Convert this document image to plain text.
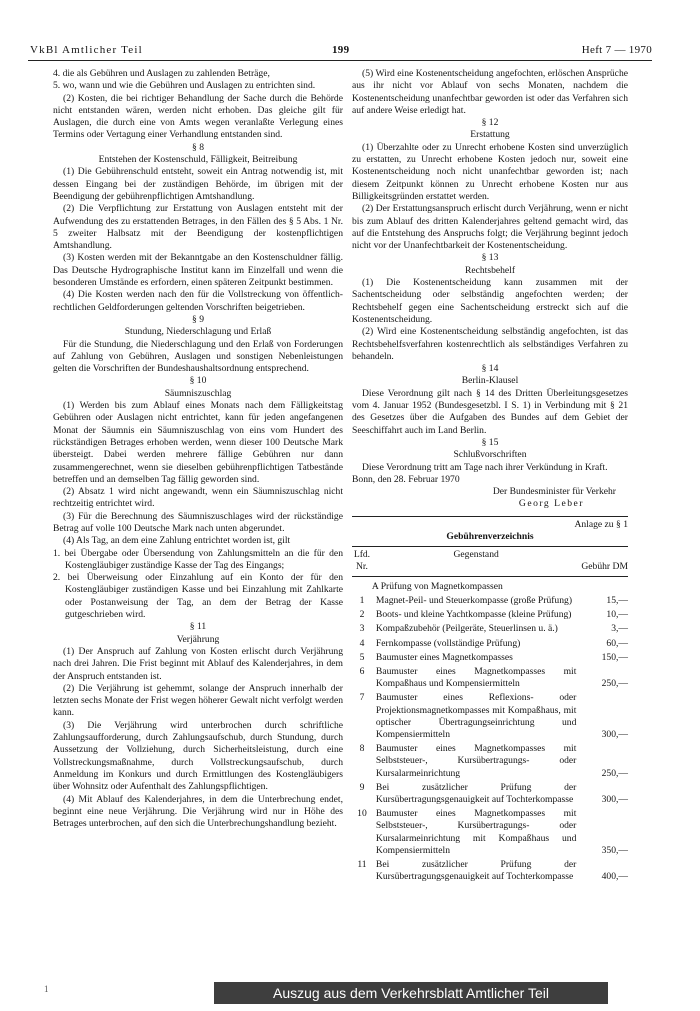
VkBl Amtlicher Teil	199	Heft 7 — 1970

4. die als Gebühren und Auslagen zu zahlenden Beträge,

5. wo, wann und wie die Gebühren und Auslagen zu entrichten sind.

(2) Kosten, die bei richtiger Behandlung der Sache durch die Behörde nicht entstanden wären, werden nicht erhoben. Das gleiche gilt für Auslagen, die durch eine von Amts wegen veranlaßte Verlegung eines Termins oder Vertagung einer Verhandlung entstanden sind.

§ 8

Entstehen der Kostenschuld, Fälligkeit, Beitreibung

(1) Die Gebührenschuld entsteht, soweit ein Antrag notwendig ist, mit dessen Eingang bei der zuständigen Behörde, im übrigen mit der Beendigung der gebührenpflichtigen Amtshandlung.

(2) Die Verpflichtung zur Erstattung von Auslagen entsteht mit der Aufwendung des zu erstattenden Betrages, in den Fällen des § 5 Abs. 1 Nr. 5 zweiter Halbsatz mit der Beendigung der kostenpflichtigen Amtshandlung.

(3) Kosten werden mit der Bekanntgabe an den Kostenschuldner fällig. Das Deutsche Hydrographische Institut kann im Einzelfall und wenn die besonderen Umstände es erfordern, einen späteren Zeitpunkt bestimmen.

(4) Die Kosten werden nach den für die Vollstreckung von öffentlich-rechtlichen Geldforderungen geltenden Vorschriften beigetrieben.

§ 9

Stundung, Niederschlagung und Erlaß

Für die Stundung, die Niederschlagung und den Erlaß von Forderungen auf Zahlung von Gebühren, Auslagen und sonstigen Nebenleistungen gelten die Vorschriften der Bundeshaushaltsordnung entsprechend.

§ 10

Säumniszuschlag

(1) Werden bis zum Ablauf eines Monats nach dem Fälligkeitstag Gebühren oder Auslagen nicht entrichtet, kann für jeden angefangenen Monat der Säumnis ein Säumniszuschlag von eins vom Hundert des rückständigen Betrages erhoben werden, wenn dieser 100 Deutsche Mark übersteigt. Dabei werden mehrere fällige Gebühren nur dann zusammengerechnet, wenn sie dieselben gebührenpflichtigen Tatbestände betreffen und an demselben Tag fällig geworden sind.

(2) Absatz 1 wird nicht angewandt, wenn ein Säumniszuschlag nicht rechtzeitig entrichtet wird.

(3) Für die Berechnung des Säumniszuschlages wird der rückständige Betrag auf volle 100 Deutsche Mark nach unten abgerundet.

(4) Als Tag, an dem eine Zahlung entrichtet worden ist, gilt

1. bei Übergabe oder Übersendung von Zahlungsmitteln an die für den Kostengläubiger zuständige Kasse der Tag des Eingangs;

2. bei Überweisung oder Einzahlung auf ein Konto der für den Kostengläubiger zuständigen Kasse und bei Einzahlung mit Zahlkarte oder Postanweisung der Tag, an dem der Betrag der Kasse gutgeschrieben wird.

§ 11

Verjährung

(1) Der Anspruch auf Zahlung von Kosten erlischt durch Verjährung nach drei Jahren. Die Frist beginnt mit Ablauf des Kalenderjahres, in dem der Anspruch entstanden ist.

(2) Die Verjährung ist gehemmt, solange der Anspruch innerhalb der letzten sechs Monate der Frist wegen höherer Gewalt nicht verfolgt werden kann.

(3) Die Verjährung wird unterbrochen durch schriftliche Zahlungsaufforderung, durch Zahlungsaufschub, durch Stundung, durch Aussetzung der Vollziehung, durch Sicherheitsleistung, durch eine Vollstreckungsmaßnahme, durch Vollstreckungsaufschub, durch Anmeldung im Konkurs und durch Ermittlungen des Kostengläubigers über Wohnsitz oder Aufenthalt des Zahlungspflichtigen.

(4) Mit Ablauf des Kalenderjahres, in dem die Unterbrechung endet, beginnt eine neue Verjährung. Die Verjährung wird nur in Höhe des Betrages unterbrochen, auf den sich die Unterbrechungshandlung bezieht.

(5) Wird eine Kostenentscheidung angefochten, erlöschen Ansprüche aus ihr nicht vor Ablauf von sechs Monaten, nachdem die Kostenentscheidung unanfechtbar geworden ist oder das Verfahren sich auf andere Weise erledigt hat.

§ 12

Erstattung

(1) Überzahlte oder zu Unrecht erhobene Kosten sind unverzüglich zu erstatten, zu Unrecht erhobene Kosten jedoch nur, soweit eine Kostenentscheidung noch nicht unanfechtbar geworden ist; nach diesem Zeitpunkt können zu Unrecht erhobene Kosten nur aus Billigkeitsgründen erstattet werden.

(2) Der Erstattungsanspruch erlischt durch Verjährung, wenn er nicht bis zum Ablauf des dritten Kalenderjahres geltend gemacht wird, das auf die Entstehung des Anspruchs folgt; die Verjährung beginnt jedoch nicht vor der Unanfechtbarkeit der Kostenentscheidung.

§ 13

Rechtsbehelf

(1) Die Kostenentscheidung kann zusammen mit der Sachentscheidung oder selbständig angefochten werden; der Rechtsbehelf gegen eine Sachentscheidung erstreckt sich auf die Kostenentscheidung.

(2) Wird eine Kostenentscheidung selbständig angefochten, ist das Rechtsbehelfsverfahren kostenrechtlich als selbständiges Verfahren zu behandeln.

§ 14

Berlin-Klausel

Diese Verordnung gilt nach § 14 des Dritten Überleitungsgesetzes vom 4. Januar 1952 (Bundesgesetzbl. I S. 1) in Verbindung mit § 21 des Gesetzes über die Aufgaben des Bundes auf dem Gebiet der Seeschiffahrt auch im Land Berlin.

§ 15

Schlußvorschriften

Diese Verordnung tritt am Tage nach ihrer Verkündung in Kraft.

Bonn, den 28. Februar 1970

Der Bundesminister für Verkehr

Georg Leber

Anlage zu § 1

Gebührenverzeichnis

Lfd. Nr.	Gegenstand	Gebühr DM
	A Prüfung von Magnetkompassen	
1	Magnet-Peil- und Steuerkompasse (große Prüfung)	15,—
2	Boots- und kleine Yachtkompasse (kleine Prüfung)	10,—
3	Kompaßzubehör (Peilgeräte, Steuerlinsen u. ä.)	3,—
4	Fernkompasse (vollständige Prüfung)	60,—
5	Baumuster eines Magnetkompasses	150,—
6	Baumuster eines Magnetkompasses mit Kompaßhaus und Kompensiermitteln	250,—
7	Baumuster eines Reflexions- oder Projektionsmagnetkompasses mit Kompaßhaus, mit optischer Übertragungseinrichtung und Kompensiermitteln	300,—
8	Baumuster eines Magnetkompasses mit Selbststeuer-, Kursübertragungs- oder Kursalarmeinrichtung	250,—
9	Bei zusätzlicher Prüfung der Kursübertragungsgenauigkeit auf Tochterkompasse	300,—
10	Baumuster eines Magnetkompasses mit Selbststeuer-, Kursübertragungs- oder Kursalarmeinrichtung mit Kompaßhaus und Kompensiermitteln	350,—
11	Bei zusätzlicher Prüfung der Kursübertragungsgenauigkeit auf Tochterkompasse	400,—
1	Auszug aus dem Verkehrsblatt Amtlicher Teil
